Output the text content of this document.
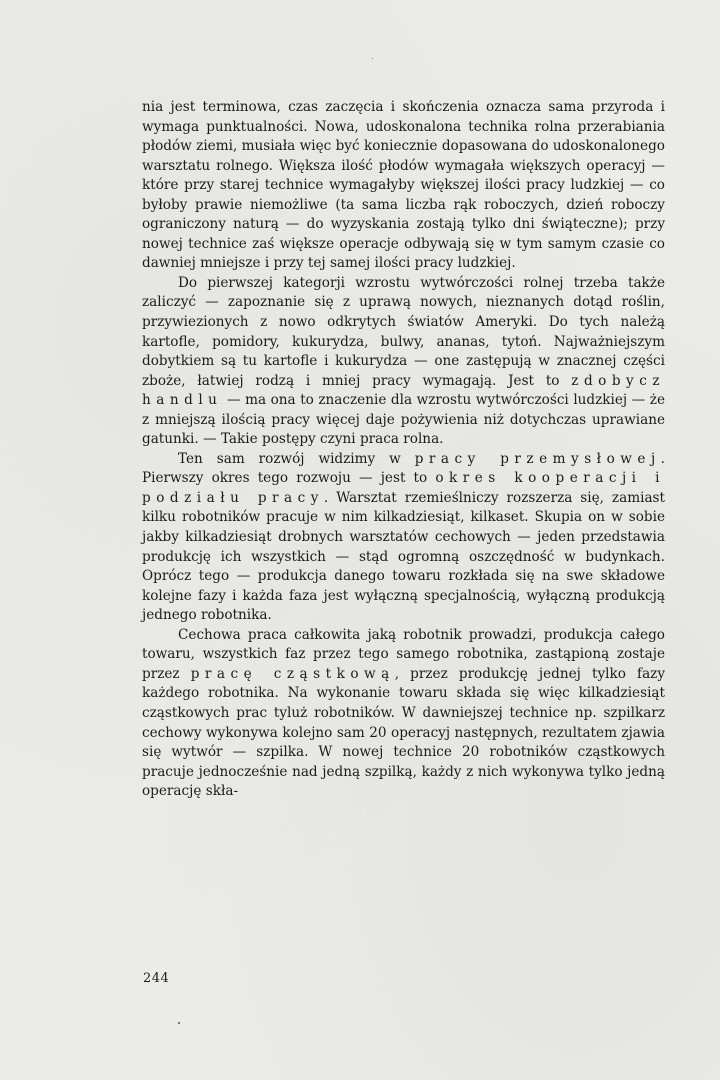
nia jest terminowa, czas zaczęcia i skończenia oznacza sama przyroda i wymaga punktualności. Nowa, udoskonalona technika rolna przerabiania płodów ziemi, musiała więc być koniecznie dopasowana do udoskonalonego warsztatu rolnego. Większa ilość płodów wymagała większych operacyj — które przy starej technice wymagałyby większej ilości pracy ludzkiej — co byłoby prawie niemożliwe (ta sama liczba rąk roboczych, dzień roboczy ograniczony naturą — do wyzyskania zostają tylko dni świąteczne); przy nowej technice zaś większe operacje odbywają się w tym samym czasie co dawniej mniejsze i przy tej samej ilości pracy ludzkiej.

Do pierwszej kategorji wzrostu wytwórczości rolnej trzeba także zaliczyć — zapoznanie się z uprawą nowych, nieznanych dotąd roślin, przywiezionych z nowo odkrytych światów Ameryki. Do tych należą kartofle, pomidory, kukurydza, bulwy, ananas, tytoń. Najważniejszym dobytkiem są tu kartofle i kukurydza — one zastępują w znacznej części zboże, łatwiej rodzą i mniej pracy wymagają. Jest to zdobycz handlu — ma ona to znaczenie dla wzrostu wytwórczości ludzkiej — że z mniejszą ilością pracy więcej daje pożywienia niż dotychczas uprawiane gatunki. — Takie postępy czyni praca rolna.

Ten sam rozwój widzimy w pracy przemysłowej. Pierwszy okres tego rozwoju — jest to okres kooperacji i podziału pracy. Warsztat rzemieślniczy rozszerza się, zamiast kilku robotników pracuje w nim kilkadziesiąt, kilkaset. Skupia on w sobie jakby kilkadziesiąt drobnych warsztatów cechowych — jeden przedstawia produkcję ich wszystkich — stąd ogromną oszczędność w budynkach. Oprócz tego — produkcja danego towaru rozkłada się na swe składowe kolejne fazy i każda faza jest wyłączną specjalnością, wyłączną produkcją jednego robotnika.

Cechowa praca całkowita jaką robotnik prowadzi, produkcja całego towaru, wszystkich faz przez tego samego robotnika, zastąpioną zostaje przez pracę cząstkową, przez produkcję jednej tylko fazy każdego robotnika. Na wykonanie towaru składa się więc kilkadziesiąt cząstkowych prac tyluż robotników. W dawniejszej technice np. szpilkarz cechowy wykonywa kolejno sam 20 operacyj następnych, rezultatem zjawia się wytwór — szpilka. W nowej technice 20 robotników cząstkowych pracuje jednocześnie nad jedną szpilką, każdy z nich wykonywa tylko jedną operację skła-

244
